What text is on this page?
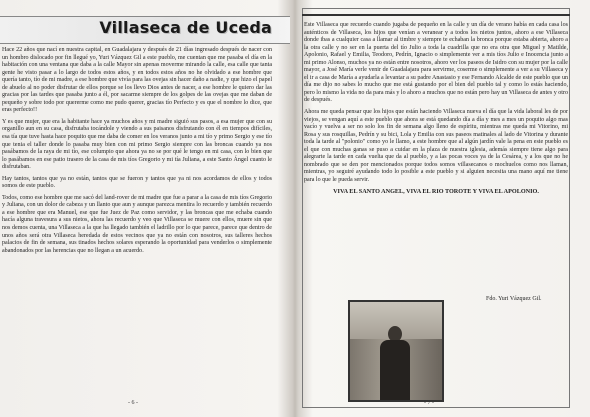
Villaseca de Uceda

Hace 22 años que nací en nuestra capital, en Guadalajara y después de 21 días ingresado después de nacer con un hombro dislocado por fin llegué yo, Yuri Vázquez Gil a este pueblo, me cuentan que me pasaba el día en la habitación con una ventana que daba a la calle Mayor sin apenas moverme mirando la calle, esa calle que tanta gente he visto pasar a lo largo de todos estos años, y en todos estos años no he olvidado a ese hombre que quería tanto, tío de mi madre, a ese hombre que vivía para las ovejas sin hacer daño a nadie, y que hizo el papel de abuelo al no poder disfrutar de ellos porque se los llevo Dios antes de nacer, a ese hombre le quiero dar las gracias por las tardes que pasaba junto a él, por sacarme siempre de los golpes de las ovejas que me daban de pequeño y sobre todo por quererme como me pudo querer, gracias tío Perfecto y es que el nombre lo dice, que eras perfecto!!

Y es que mujer, que era la habitante hace ya muchos años y mi madre siguió sus pasos, a esa mujer que con su organillo aun en su casa, disfrutaba tocándole y viendo a sus paisanos disfrutando con él en tiempos difíciles, esa tía que tuve hasta hace poquito que me daba de comer en los veranos junto a mi tío y primo Sergio y ese tío que tenia el taller donde lo pasaba muy bien con mi primo Sergio siempre con las broncas cuando ya nos pasábamos de la raya de mi tío, ese columpio que ahora ya no se por qué le tengo en mi casa, con lo bien que lo pasábamos en ese patio trasero de la casa de mis tíos Gregorio y mi tía Juliana, a este Santo Ángel cuanto le disfrutaban.

Hay tantos, tantos que ya no están, tantos que se fueron y tantos que ya ni nos acordamos de ellos y todos somos de este pueblo.

Todos, como ese hombre que me sacó del land-rover de mi madre que fue a parar a la casa de mis tíos Gregorio y Juliana, con un dolor de cabeza y un llanto que aun y aunque parezca mentira lo recuerdo y también recuerdo a ese hombre que era Manuel, ese que fue Juez de Paz como servidor, y las broncas que me echaba cuando hacía alguna travesura a sus nietos, ahora las recuerdo y veo que Villaseca se muere con ellos, muere sin que nos demos cuenta, una Villaseca a la que ha llegado también el ladrillo por lo que parece, parece que dentro de unos años será otra Villaseca heredada de estos vecinos que ya no están con nosotros, sus talleres hechos palacios de fin de semana, sus tinados hechos solares esperando la oportunidad para venderlos o simplemente abandonados por las herencias que no llegan a un acuerdo.

- 6 -

Este Villaseca que recuerdo cuando jugaba de pequeño en la calle y un día de verano había en cada casa los auténticos de Villaseca, los hijos que venían a veranear y a todos los nietos juntos, ahoro a ese Villaseca donde ibas a cualquier casa a llamar al timbre y siempre te echaban la bronca porque estaba abierta, ahoro a la otra calle y no ser en la puerta del tío Julio a toda la cuadrilla que no era otra que Miguel y Matilde, Apolonio, Rafael y Emilia, Teodoro, Pedrín, Ignacio o simplemente ver a mis tíos Julio e Inocencia junto a mi primo Alonso, muchos ya no están entre nosotros, ahoro ver los paseos de Isidro con su mujer por la calle mayor, a José María verle venir de Guadalajara para servirme, coserme o simplemente a ver a su Villaseca y el ir a casa de María a ayudarla a levantar a su padre Anastasio y ese Fernando Alcalde de este pueblo que un día me dijo no sabes lo mucho que me está gustando por el bien del pueblo tal y como lo estás haciendo, pero lo mismo la vida no da para más y lo ahoro a muchos que no están pero hay un Villaseca de antes y otro de después.

Ahora me queda pensar que los hijos que están haciendo Villaseca nueva el día que la vida laboral les de por viejos, se vengan aquí a este pueblo que ahora se está quedando día a día y mes a mes un poquito algo mas vacío y vuelva a ser no solo los fin de semana algo lleno de espíritu, mientras me queda mi Vitorino, mi Rosa y sus rosquillas, Pedrín y su bici, Lola y Emilia con sus paseos matinales al lado de Vitorina y durante toda la tarde al "polonio" como yo le llamo, a este hombre que al algún jardín vale la pena en este pueblo es el que con muchas ganas se puso a cuidar en la plaza de nuestra iglesia, además siempre tiene algo para alegrarte la tarde en cada vuelta que da al pueblo, y a las pocas voces ya de la Cesárea, y a los que no he nombrado que se den por mencionados porque todos somos villasecanos o mochuelos como nos llaman, mientras, yo seguiré ayudando todo lo posible a este pueblo y si alguien necesita una mano aquí me tiene para lo que le pueda servir.

VIVA EL SANTO ANGEL, VIVA EL RIO TOROTE Y VIVA EL APOLONIO.
Fdo. Yuri Vázquez Gil.
- 7 -
